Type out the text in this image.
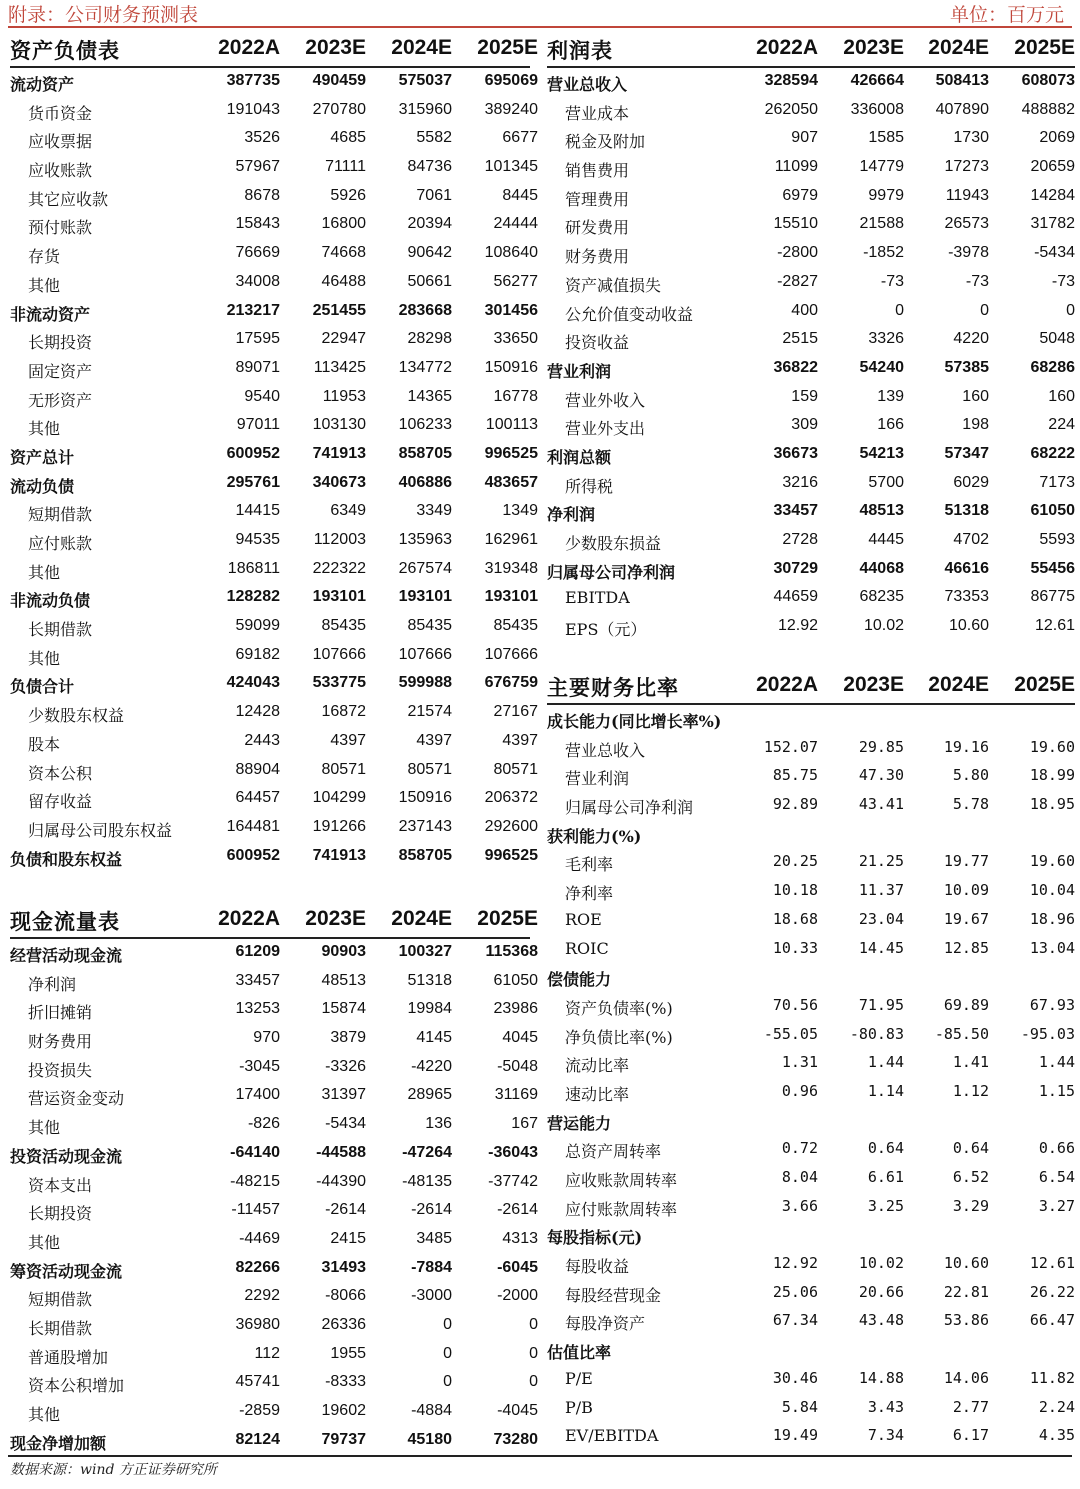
附录：公司财务预测表	单位：百万元
资产负债表	2022A	2023E	2024E	2025E
流动资产	387735	490459	575037	695069
货币资金	191043	270780	315960	389240
应收票据	3526	4685	5582	6677
应收账款	57967	71111	84736	101345
其它应收款	8678	5926	7061	8445
预付账款	15843	16800	20394	24444
存货	76669	74668	90642	108640
其他	34008	46488	50661	56277
非流动资产	213217	251455	283668	301456
长期投资	17595	22947	28298	33650
固定资产	89071	113425	134772	150916
无形资产	9540	11953	14365	16778
其他	97011	103130	106233	100113
资产总计	600952	741913	858705	996525
流动负债	295761	340673	406886	483657
短期借款	14415	6349	3349	1349
应付账款	94535	112003	135963	162961
其他	186811	222322	267574	319348
非流动负债	128282	193101	193101	193101
长期借款	59099	85435	85435	85435
其他	69182	107666	107666	107666
负债合计	424043	533775	599988	676759
少数股东权益	12428	16872	21574	27167
股本	2443	4397	4397	4397
资本公积	88904	80571	80571	80571
留存收益	64457	104299	150916	206372
归属母公司股东权益	164481	191266	237143	292600
负债和股东权益	600952	741913	858705	996525
现金流量表	2022A	2023E	2024E	2025E
经营活动现金流	61209	90903	100327	115368
净利润	33457	48513	51318	61050
折旧摊销	13253	15874	19984	23986
财务费用	970	3879	4145	4045
投资损失	-3045	-3326	-4220	-5048
营运资金变动	17400	31397	28965	31169
其他	-826	-5434	136	167
投资活动现金流	-64140	-44588	-47264	-36043
资本支出	-48215	-44390	-48135	-37742
长期投资	-11457	-2614	-2614	-2614
其他	-4469	2415	3485	4313
筹资活动现金流	82266	31493	-7884	-6045
短期借款	2292	-8066	-3000	-2000
长期借款	36980	26336	0	0
普通股增加	112	1955	0	0
资本公积增加	45741	-8333	0	0
其他	-2859	19602	-4884	-4045
现金净增加额	82124	79737	45180	73280
利润表	2022A	2023E	2024E	2025E
营业总收入	328594	426664	508413	608073
营业成本	262050	336008	407890	488882
税金及附加	907	1585	1730	2069
销售费用	11099	14779	17273	20659
管理费用	6979	9979	11943	14284
研发费用	15510	21588	26573	31782
财务费用	-2800	-1852	-3978	-5434
资产减值损失	-2827	-73	-73	-73
公允价值变动收益	400	0	0	0
投资收益	2515	3326	4220	5048
营业利润	36822	54240	57385	68286
营业外收入	159	139	160	160
营业外支出	309	166	198	224
利润总额	36673	54213	57347	68222
所得税	3216	5700	6029	7173
净利润	33457	48513	51318	61050
少数股东损益	2728	4445	4702	5593
归属母公司净利润	30729	44068	46616	55456
EBITDA	44659	68235	73353	86775
EPS（元）	12.92	10.02	10.60	12.61
主要财务比率	2022A	2023E	2024E	2025E
成长能力(同比增长率%)
营业总收入	152.07	29.85	19.16	19.60
营业利润	85.75	47.30	5.80	18.99
归属母公司净利润	92.89	43.41	5.78	18.95
获利能力(%)
毛利率	20.25	21.25	19.77	19.60
净利率	10.18	11.37	10.09	10.04
ROE	18.68	23.04	19.67	18.96
ROIC	10.33	14.45	12.85	13.04
偿债能力
资产负债率(%)	70.56	71.95	69.89	67.93
净负债比率(%)	-55.05	-80.83	-85.50	-95.03
流动比率	1.31	1.44	1.41	1.44
速动比率	0.96	1.14	1.12	1.15
营运能力
总资产周转率	0.72	0.64	0.64	0.66
应收账款周转率	8.04	6.61	6.52	6.54
应付账款周转率	3.66	3.25	3.29	3.27
每股指标(元)
每股收益	12.92	10.02	10.60	12.61
每股经营现金	25.06	20.66	22.81	26.22
每股净资产	67.34	43.48	53.86	66.47
估值比率
P/E	30.46	14.88	14.06	11.82
P/B	5.84	3.43	2.77	2.24
EV/EBITDA	19.49	7.34	6.17	4.35
数据来源：wind 方正证券研究所
